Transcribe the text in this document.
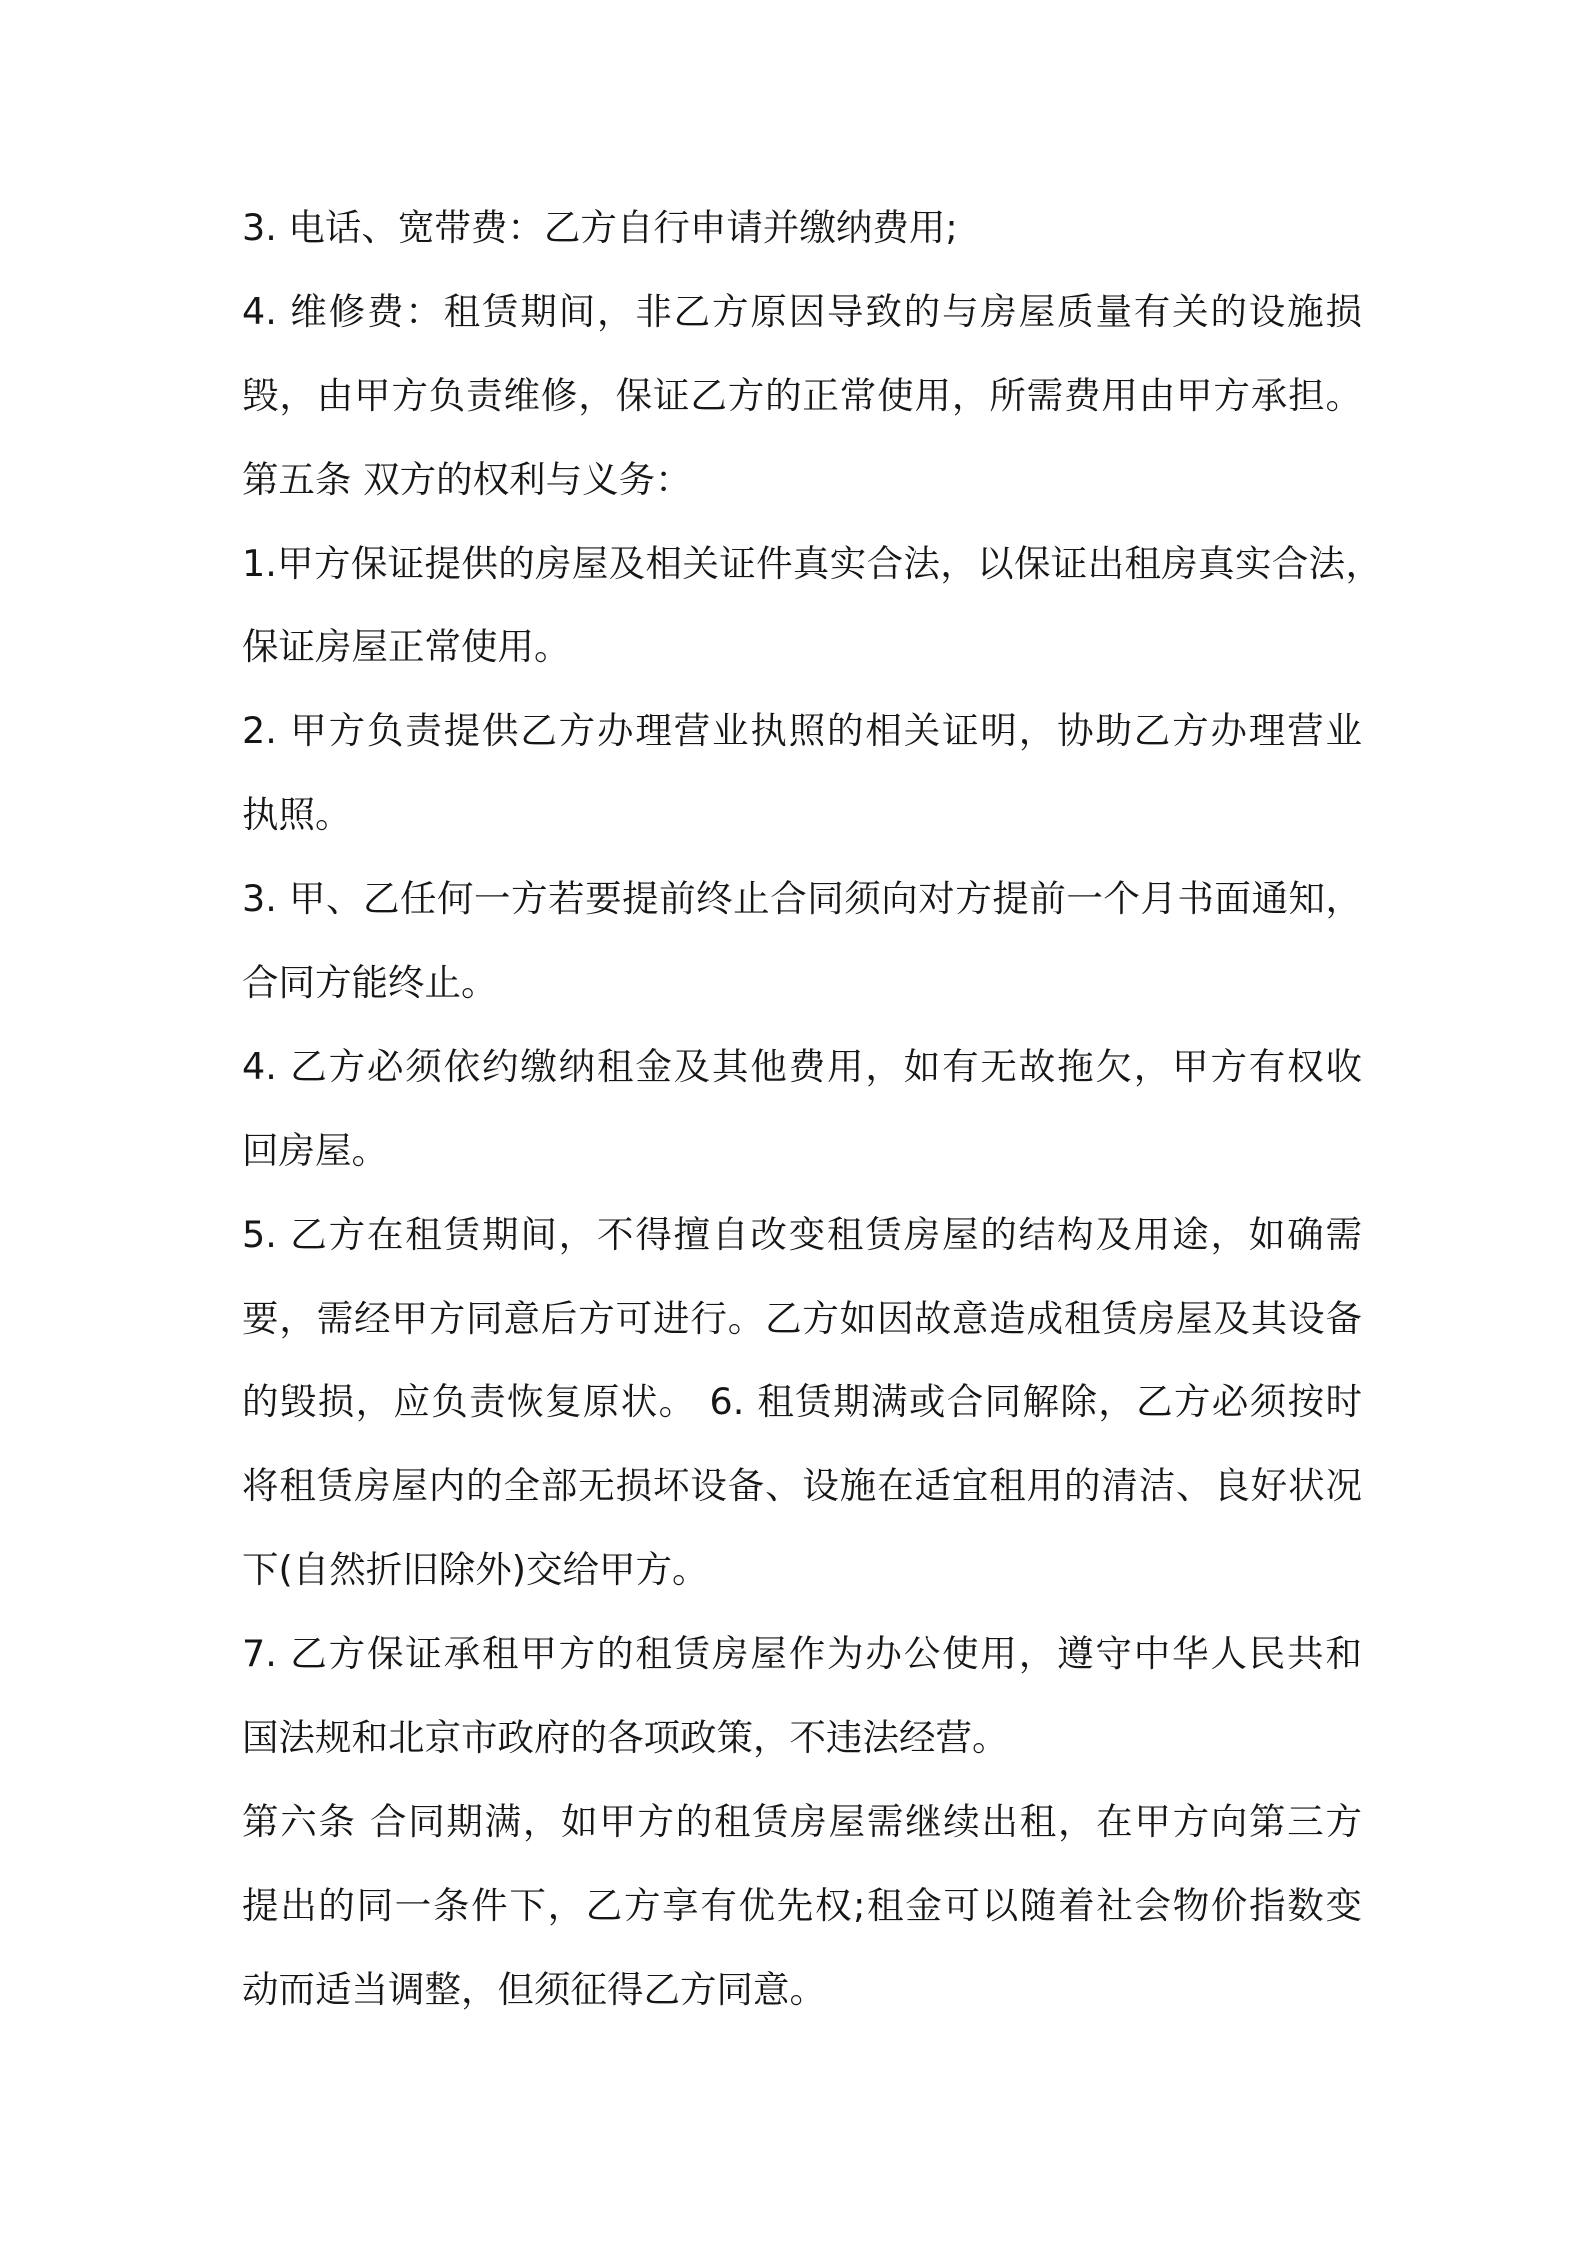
3. 电话、宽带费：乙方自行申请并缴纳费用;
4. 维修费：租赁期间，非乙方原因导致的与房屋质量有关的设施损
毁，由甲方负责维修，保证乙方的正常使用，所需费用由甲方承担。
第五条 双方的权利与义务：
1.甲方保证提供的房屋及相关证件真实合法，以保证出租房真实合法，
保证房屋正常使用。
2. 甲方负责提供乙方办理营业执照的相关证明，协助乙方办理营业
执照。
3. 甲、乙任何一方若要提前终止合同须向对方提前一个月书面通知，
合同方能终止。
4. 乙方必须依约缴纳租金及其他费用，如有无故拖欠，甲方有权收
回房屋。
5. 乙方在租赁期间，不得擅自改变租赁房屋的结构及用途，如确需
要，需经甲方同意后方可进行。乙方如因故意造成租赁房屋及其设备
的毁损，应负责恢复原状。 6. 租赁期满或合同解除，乙方必须按时
将租赁房屋内的全部无损坏设备、设施在适宜租用的清洁、良好状况
下(自然折旧除外)交给甲方。
7. 乙方保证承租甲方的租赁房屋作为办公使用，遵守中华人民共和
国法规和北京市政府的各项政策，不违法经营。
第六条 合同期满，如甲方的租赁房屋需继续出租，在甲方向第三方
提出的同一条件下，乙方享有优先权;租金可以随着社会物价指数变
动而适当调整，但须征得乙方同意。
